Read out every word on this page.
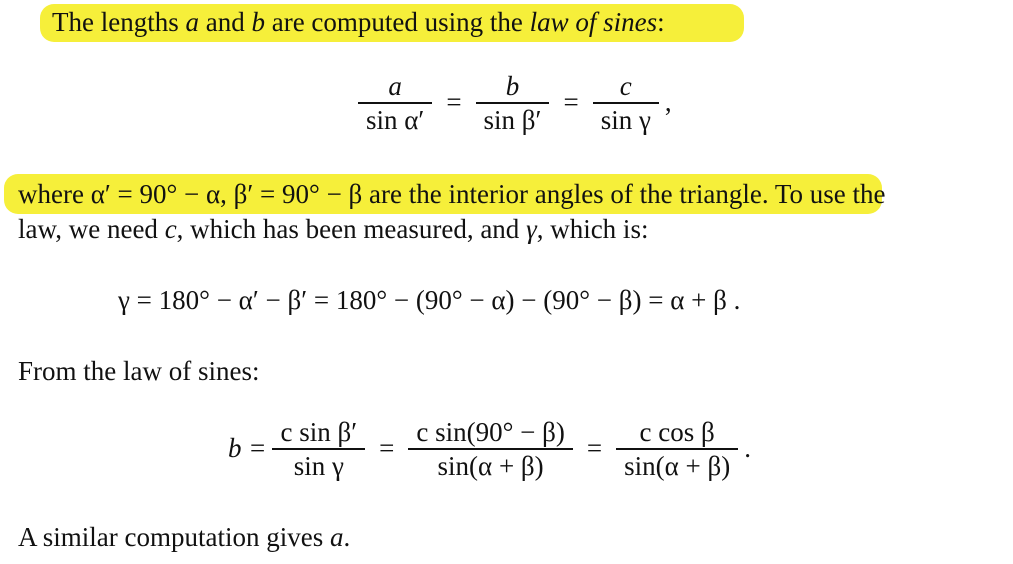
The lengths a and b are computed using the law of sines:
$\frac{a}{\text{sin α′}} = \frac{b}{\text{sin β′}} = \frac{c}{\text{sin γ}}$ ,
where α′ = 90° − α, β′ = 90° − β are the interior angles of the triangle. To use the
law, we need c, which has been measured, and γ, which is:
γ = 180° − α′ − β′ = 180° − (90° − α) − (90° − β) = α + β .
From the law of sines:
$b = \frac{\text{c sin β′}}{\text{sin γ}} = \frac{\text{c sin(90° − β)}}{\sin(\alpha + \beta)} = \frac{\text{c cos β}}{\sin(\alpha + \beta)}$ .
A similar computation gives a.
